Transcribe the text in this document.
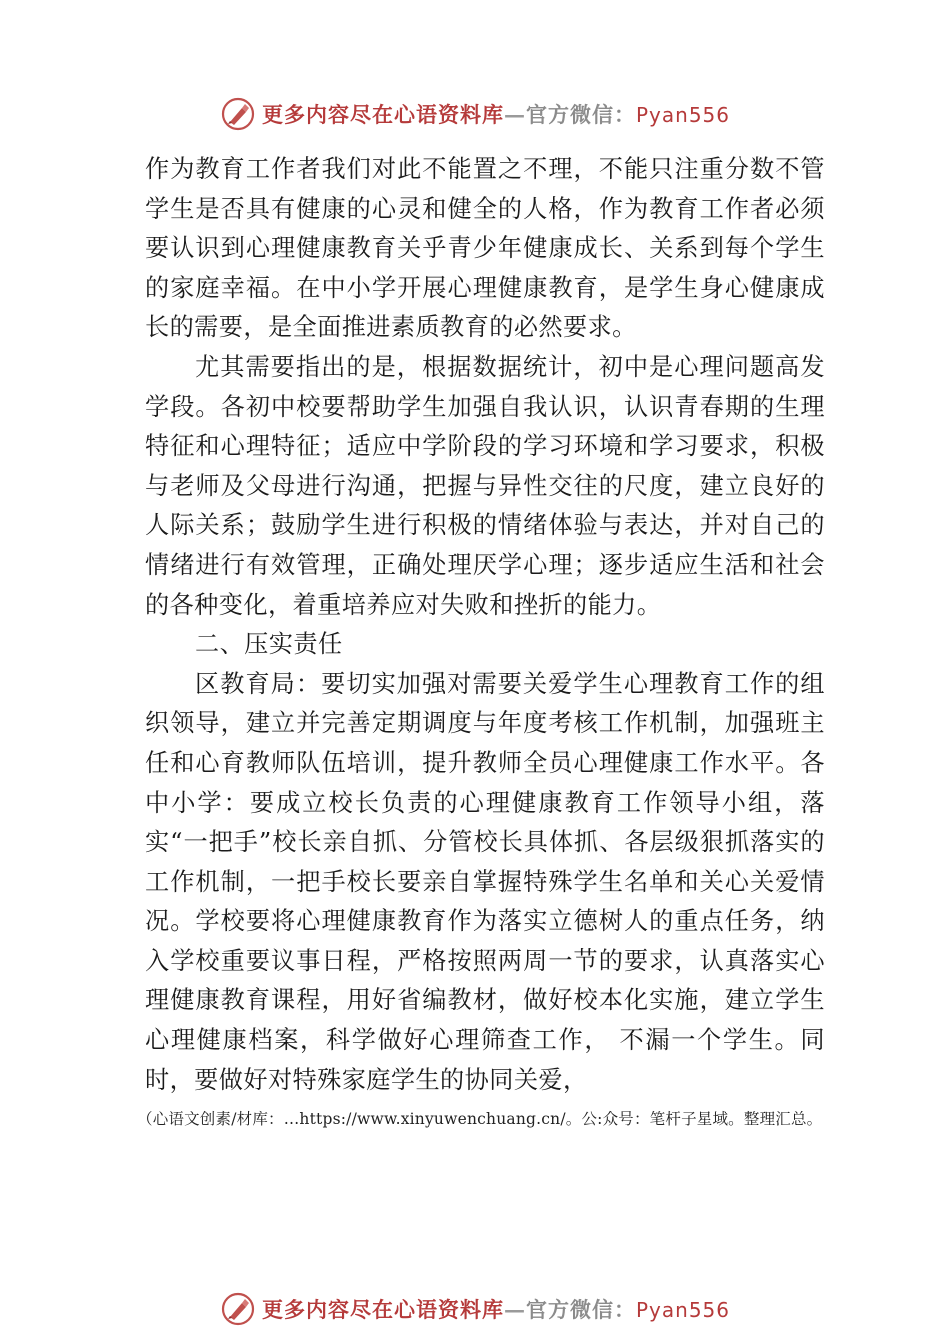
更多内容尽在心语资料库—官方微信：Pyan556

作为教育工作者我们对此不能置之不理，不能只注重分数不管学生是否具有健康的心灵和健全的人格，作为教育工作者必须要认识到心理健康教育关乎青少年健康成长、关系到每个学生的家庭幸福。在中小学开展心理健康教育，是学生身心健康成长的需要，是全面推进素质教育的必然要求。

尤其需要指出的是，根据数据统计，初中是心理问题高发学段。各初中校要帮助学生加强自我认识，认识青春期的生理特征和心理特征；适应中学阶段的学习环境和学习要求，积极与老师及父母进行沟通，把握与异性交往的尺度，建立良好的人际关系；鼓励学生进行积极的情绪体验与表达，并对自己的情绪进行有效管理，正确处理厌学心理；逐步适应生活和社会的各种变化，着重培养应对失败和挫折的能力。

二、压实责任

区教育局：要切实加强对需要关爱学生心理教育工作的组织领导，建立并完善定期调度与年度考核工作机制，加强班主任和心育教师队伍培训，提升教师全员心理健康工作水平。各中小学：要成立校长负责的心理健康教育工作领导小组，落实“一把手”校长亲自抓、分管校长具体抓、各层级狠抓落实的工作机制，一把手校长要亲自掌握特殊学生名单和关心关爱情况。学校要将心理健康教育作为落实立德树人的重点任务，纳入学校重要议事日程，严格按照两周一节的要求，认真落实心理健康教育课程，用好省编教材，做好校本化实施，建立学生心理健康档案，科学做好心理筛查工作， 不漏一个学生。同时，要做好对特殊家庭学生的协同关爱，

（心语文创素/材库：…https://www.xinyuwenchuang.cn/。公:众号：笔杆子星域。整理汇总。
更多内容尽在心语资料库—官方微信：Pyan556
